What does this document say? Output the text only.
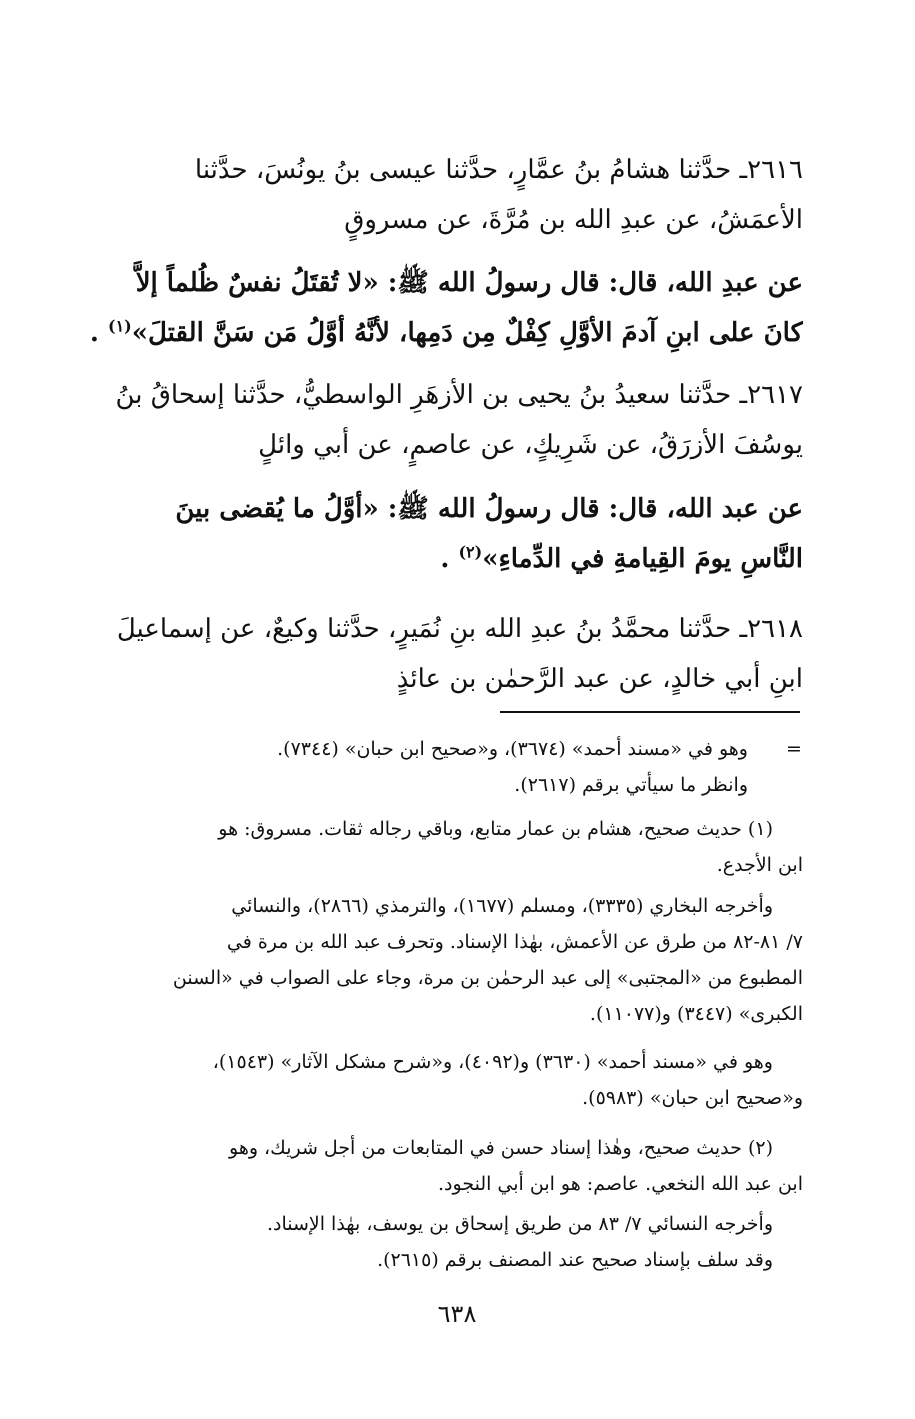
٢٦١٦ـ حدَّثنا هشامُ بنُ عمَّارٍ، حدَّثنا عيسى بنُ يونُسَ، حدَّثنا
الأعمَشُ، عن عبدِ الله بن مُرَّةَ، عن مسروقٍ
عن عبدِ الله، قال: قال رسولُ الله ﷺ: «لا تُقتَلُ نفسٌ ظُلماً إلاَّ
كانَ على ابنِ آدمَ الأوَّلِ كِفْلٌ مِن دَمِها، لأنَّهُ أوَّلُ مَن سَنَّ القتلَ»$^{(١)}$ .
٢٦١٧ـ حدَّثنا سعيدُ بنُ يحيى بن الأزهَرِ الواسطيُّ، حدَّثنا إسحاقُ بنُ
يوسُفَ الأزرَقُ، عن شَرِيكٍ، عن عاصمٍ، عن أبي وائلٍ
عن عبد الله، قال: قال رسولُ الله ﷺ: «أوَّلُ ما يُقضى بينَ
النَّاسِ يومَ القِيامةِ في الدِّماءِ»$^{(٢)}$ .
٢٦١٨ـ حدَّثنا محمَّدُ بنُ عبدِ الله بنِ نُمَيرٍ، حدَّثنا وكيعٌ، عن إسماعيلَ
ابنِ أبي خالدٍ، عن عبد الرَّحمٰن بن عائذٍ
=
وهو في «مسند أحمد» (٣٦٧٤)، و«صحيح ابن حبان» (٧٣٤٤).
وانظر ما سيأتي برقم (٢٦١٧).
(١) حديث صحيح، هشام بن عمار متابع، وباقي رجاله ثقات. مسروق: هو
ابن الأجدع.
وأخرجه البخاري (٣٣٣٥)، ومسلم (١٦٧٧)، والترمذي (٢٨٦٦)، والنسائي
٧/ ٨١-٨٢ من طرق عن الأعمش، بهٰذا الإسناد. وتحرف عبد الله بن مرة في
المطبوع من «المجتبى» إلى عبد الرحمٰن بن مرة، وجاء على الصواب في «السنن
الكبرى» (٣٤٤٧) و(١١٠٧٧).
وهو في «مسند أحمد» (٣٦٣٠) و(٤٠٩٢)، و«شرح مشكل الآثار» (١٥٤٣)،
و«صحيح ابن حبان» (٥٩٨٣).
(٢) حديث صحيح، وهٰذا إسناد حسن في المتابعات من أجل شريك، وهو
ابن عبد الله النخعي. عاصم: هو ابن أبي النجود.
وأخرجه النسائي ٧/ ٨٣ من طريق إسحاق بن يوسف، بهٰذا الإسناد.
وقد سلف بإسناد صحيح عند المصنف برقم (٢٦١٥).
٦٣٨
